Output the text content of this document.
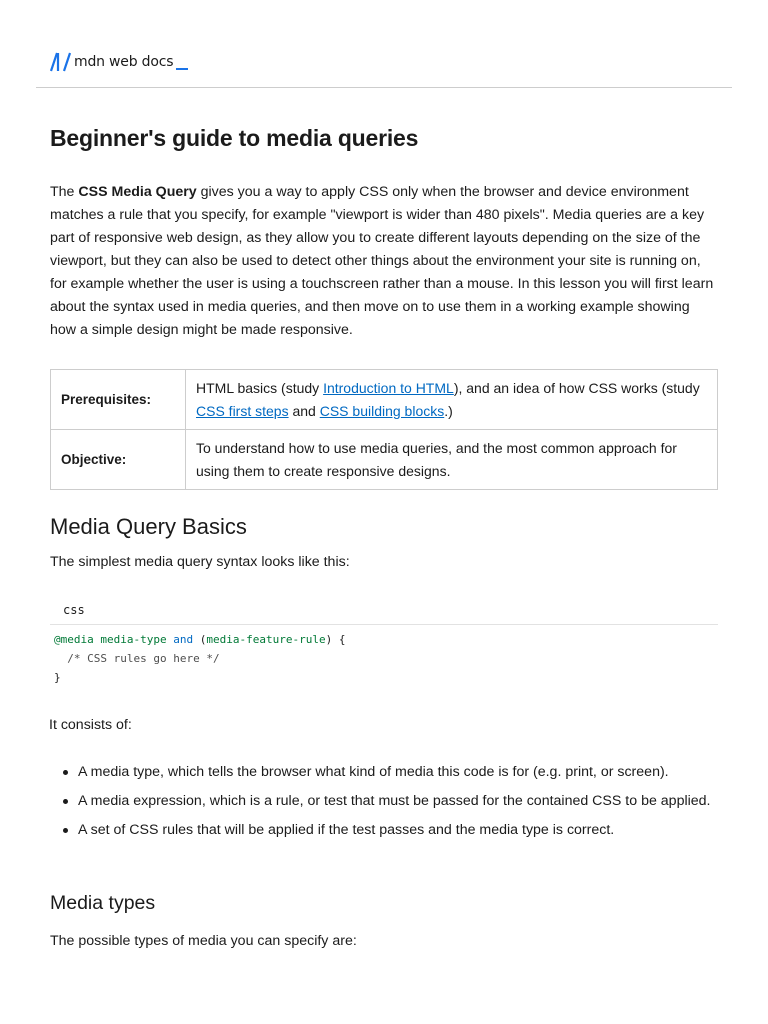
mdn web docs
Beginner's guide to media queries

The CSS Media Query gives you a way to apply CSS only when the browser and device environment matches a rule that you specify, for example "viewport is wider than 480 pixels". Media queries are a key part of responsive web design, as they allow you to create different layouts depending on the size of the viewport, but they can also be used to detect other things about the environment your site is running on, for example whether the user is using a touchscreen rather than a mouse. In this lesson you will first learn about the syntax used in media queries, and then move on to use them in a working example showing how a simple design might be made responsive.

Prerequisites:	HTML basics (study Introduction to HTML), and an idea of how CSS works (study CSS first steps and CSS building blocks.)
Objective:	To understand how to use media queries, and the most common approach for using them to create responsive designs.
Media Query Basics

The simplest media query syntax looks like this:

css
@media media-type and (media-feature-rule) {
/* CSS rules go here */
}

It consists of:

A media type, which tells the browser what kind of media this code is for (e.g. print, or screen).
A media expression, which is a rule, or test that must be passed for the contained CSS to be applied.
A set of CSS rules that will be applied if the test passes and the media type is correct.
Media types

The possible types of media you can specify are:
